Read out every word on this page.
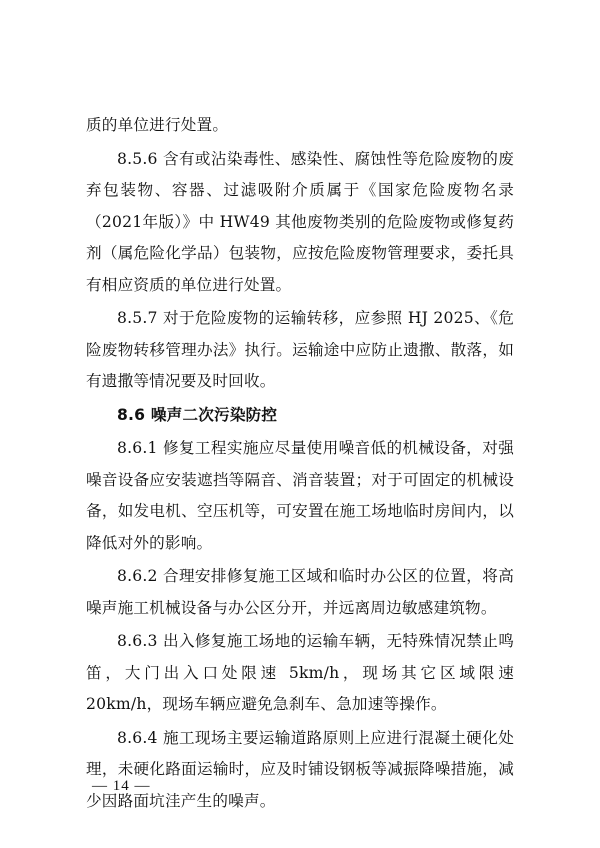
质的单位进行处置。

8.5.6 含有或沾染毒性、感染性、腐蚀性等危险废物的废弃包装物、容器、过滤吸附介质属于《国家危险废物名录（2021年版）》中 HW49 其他废物类别的危险废物或修复药剂（属危险化学品）包装物，应按危险废物管理要求，委托具有相应资质的单位进行处置。

8.5.7 对于危险废物的运输转移，应参照 HJ 2025、《危险废物转移管理办法》执行。运输途中应防止遗撒、散落，如有遗撒等情况要及时回收。

8.6 噪声二次污染防控

8.6.1 修复工程实施应尽量使用噪音低的机械设备，对强噪音设备应安装遮挡等隔音、消音装置；对于可固定的机械设备，如发电机、空压机等，可安置在施工场地临时房间内，以降低对外的影响。

8.6.2 合理安排修复施工区域和临时办公区的位置，将高噪声施工机械设备与办公区分开，并远离周边敏感建筑物。

8.6.3 出入修复施工场地的运输车辆，无特殊情况禁止鸣笛，大门出入口处限速 5km/h，现场其它区域限速 20km/h，现场车辆应避免急刹车、急加速等操作。

8.6.4 施工现场主要运输道路原则上应进行混凝土硬化处理，未硬化路面运输时，应及时铺设钢板等减振降噪措施，减少因路面坑洼产生的噪声。

— 14 —
